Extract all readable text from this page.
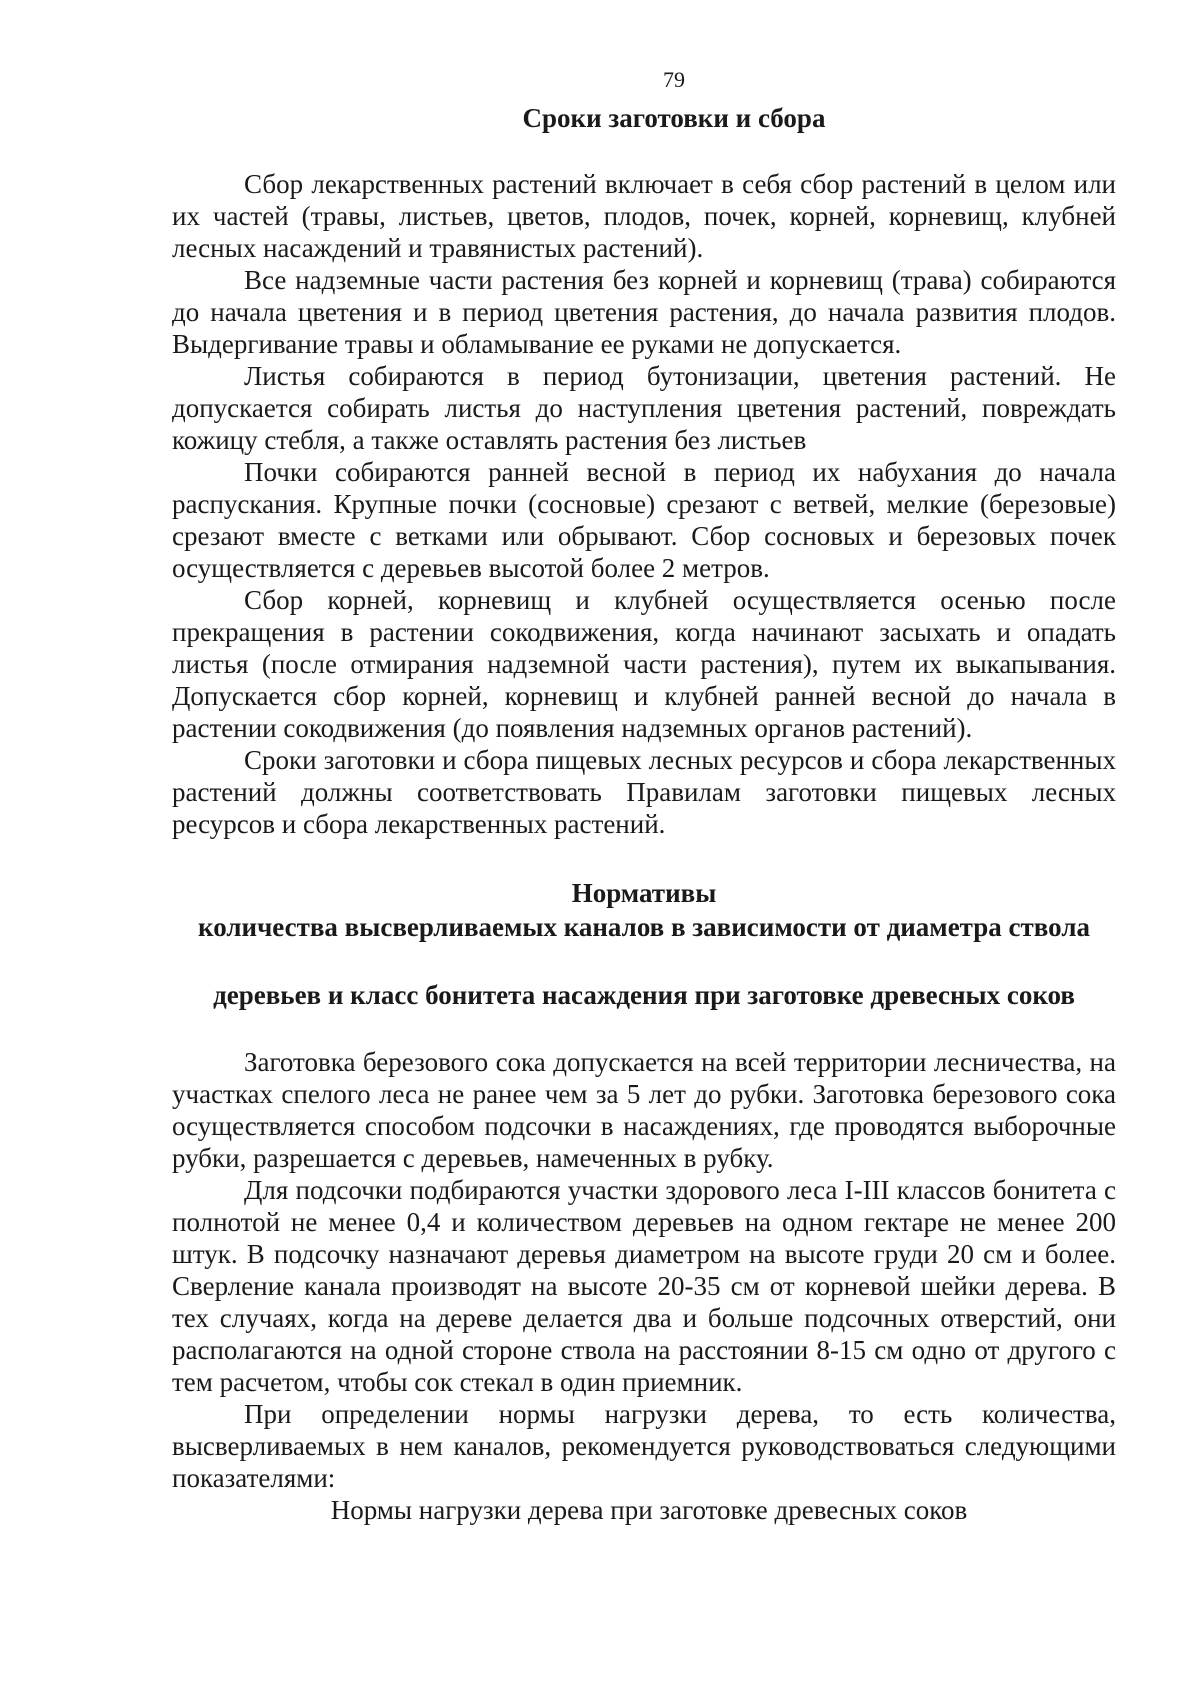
79
Сроки заготовки и сбора

Сбор лекарственных растений включает в себя сбор растений в целом или их частей (травы, листьев, цветов, плодов, почек, корней, корневищ, клубней лесных насаждений и травянистых растений).

Все надземные части растения без корней и корневищ (трава) собираются до начала цветения и в период цветения растения, до начала развития плодов. Выдергивание травы и обламывание ее руками не допускается.

Листья собираются в период бутонизации, цветения растений. Не допускается собирать листья до наступления цветения растений, повреждать кожицу стебля, а также оставлять растения без листьев

Почки собираются ранней весной в период их набухания до начала распускания. Крупные почки (сосновые) срезают с ветвей, мелкие (березовые) срезают вместе с ветками или обрывают. Сбор сосновых и березовых почек осуществляется с деревьев высотой более 2 метров.

Сбор корней, корневищ и клубней осуществляется осенью после прекращения в растении сокодвижения, когда начинают засыхать и опадать листья (после отмирания надземной части растения), путем их выкапывания. Допускается сбор корней, корневищ и клубней ранней весной до начала в растении сокодвижения (до появления надземных органов растений).

Сроки заготовки и сбора пищевых лесных ресурсов и сбора лекарственных растений должны соответствовать Правилам заготовки пищевых лесных ресурсов и сбора лекарственных растений.

Нормативы
количества высверливаемых каналов в зависимости от диаметра ствола
деревьев и класс бонитета насаждения при заготовке древесных соков

Заготовка березового сока допускается на всей территории лесничества, на участках спелого леса не ранее чем за 5 лет до рубки. Заготовка березового сока осуществляется способом подсочки в насаждениях, где проводятся выборочные рубки, разрешается с деревьев, намеченных в рубку.

Для подсочки подбираются участки здорового леса I-III классов бонитета с полнотой не менее 0,4 и количеством деревьев на одном гектаре не менее 200 штук. В подсочку назначают деревья диаметром на высоте груди 20 см и более. Сверление канала производят на высоте 20-35 см от корневой шейки дерева. В тех случаях, когда на дереве делается два и больше подсочных отверстий, они располагаются на одной стороне ствола на расстоянии 8-15 см одно от другого с тем расчетом, чтобы сок стекал в один приемник.

При определении нормы нагрузки дерева, то есть количества, высверливаемых в нем каналов, рекомендуется руководствоваться следующими показателями:

Нормы нагрузки дерева при заготовке древесных соков
